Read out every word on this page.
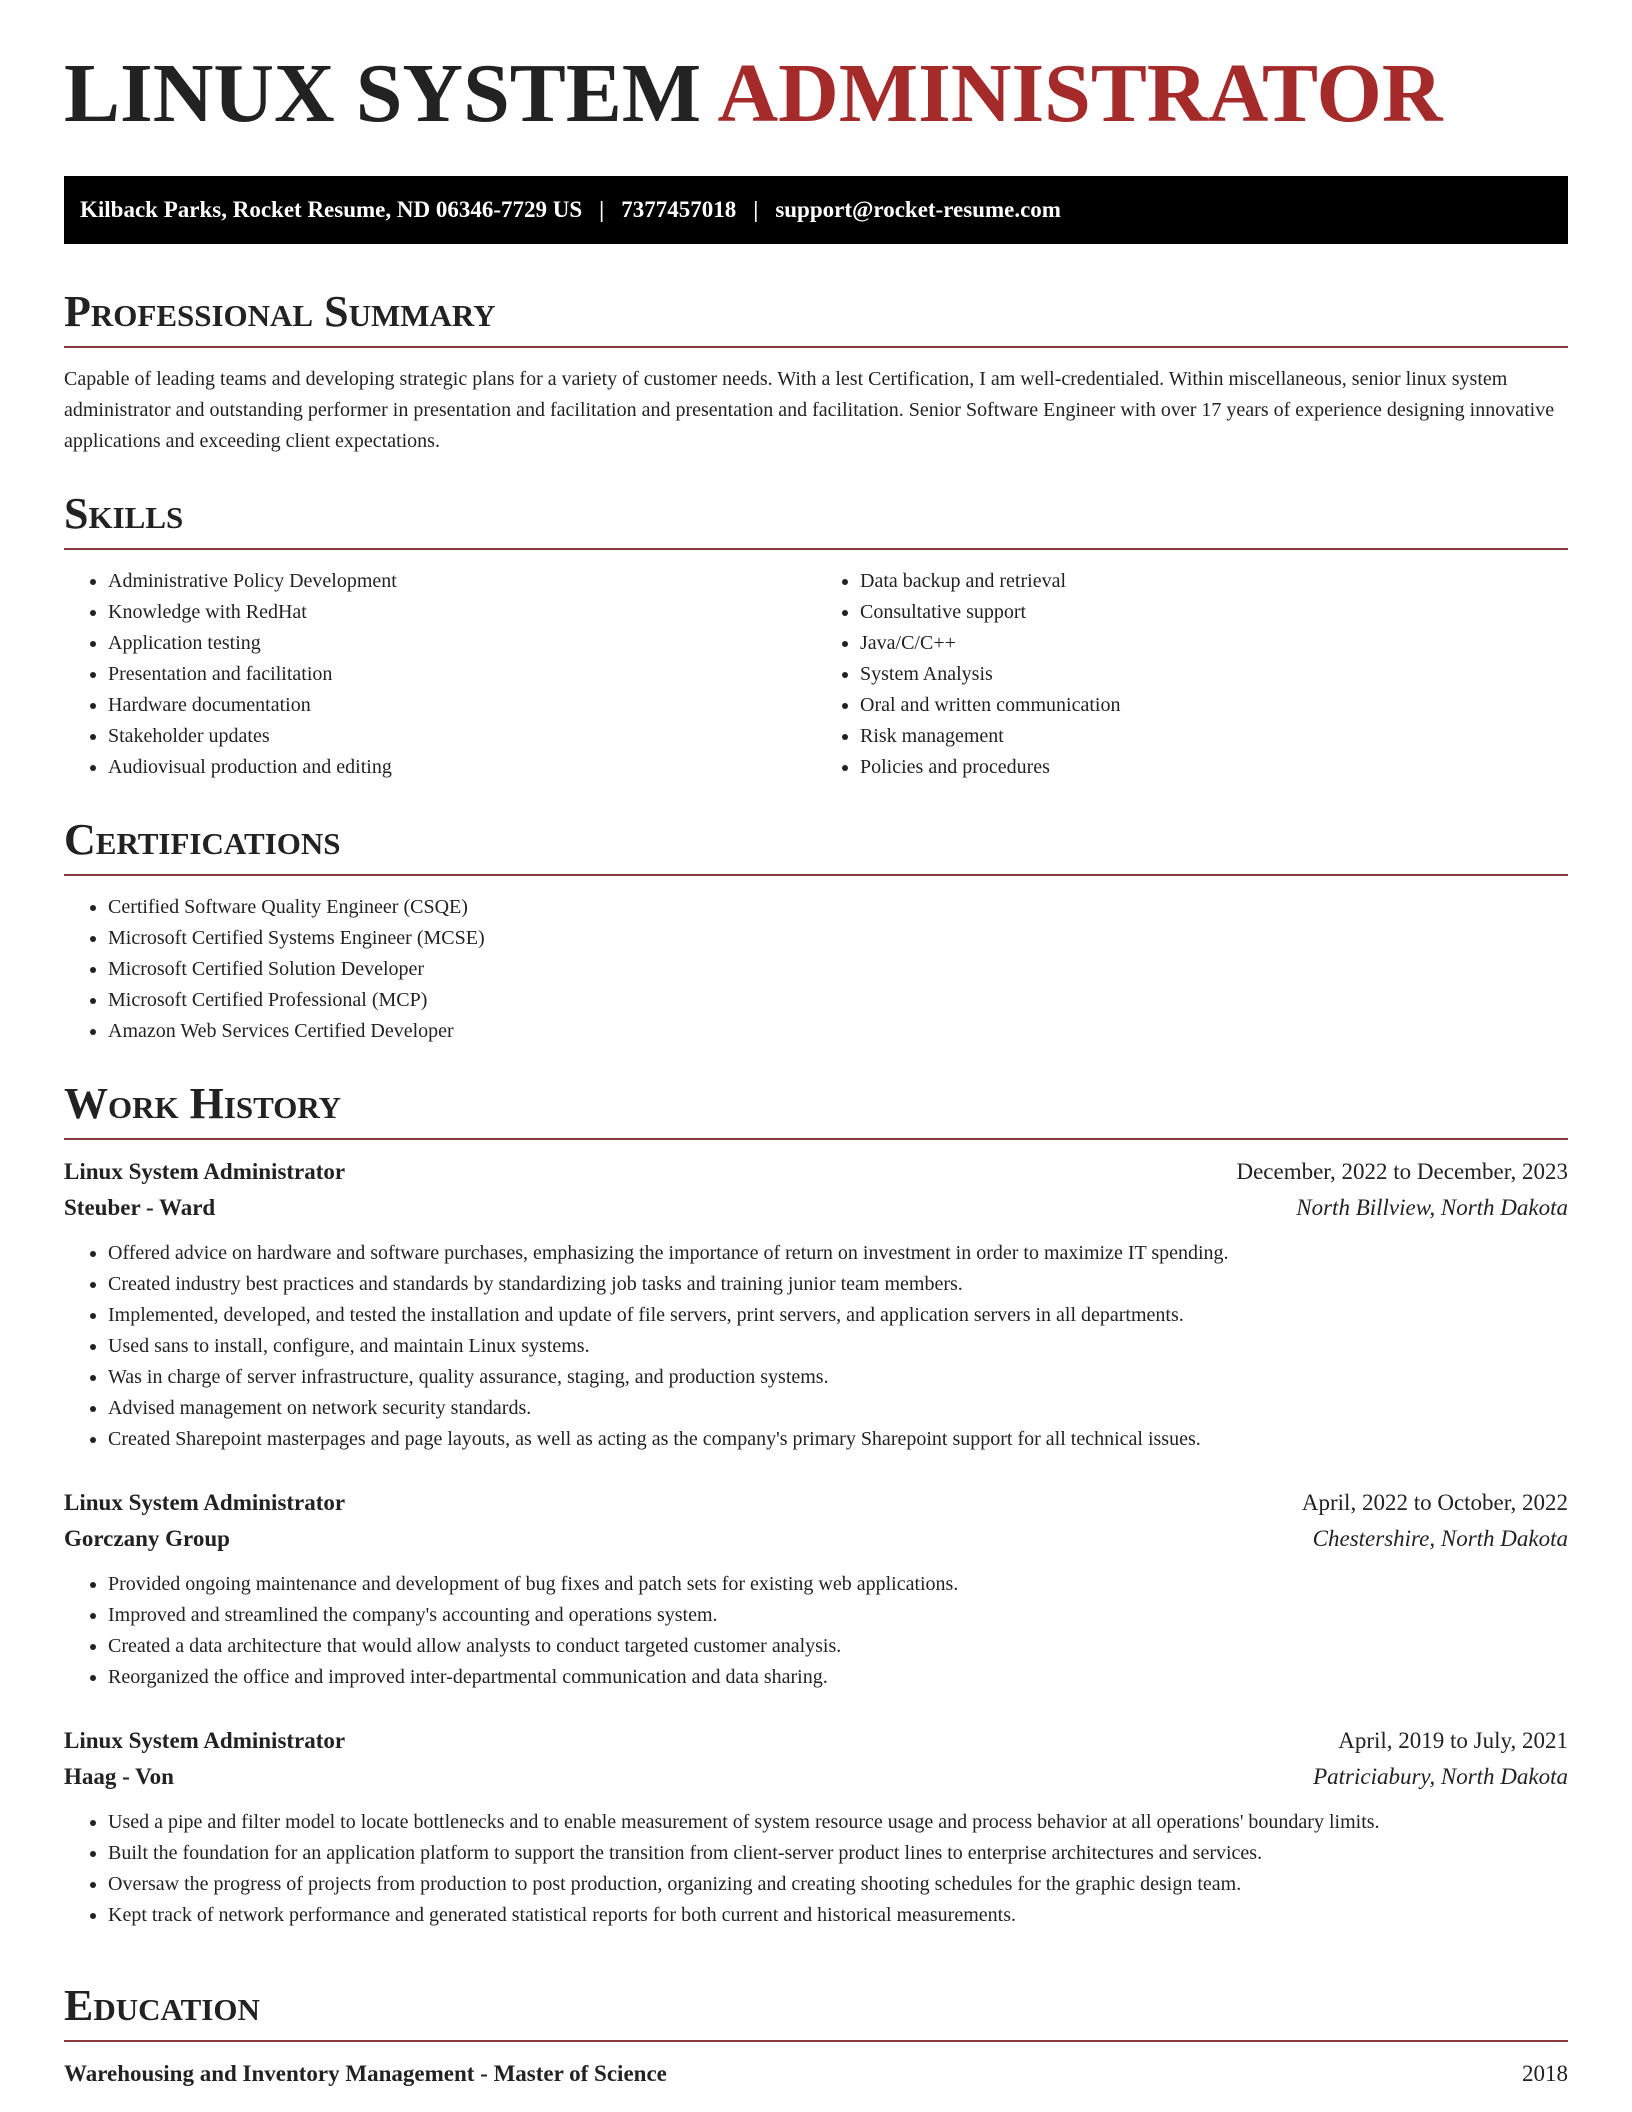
LINUX SYSTEM ADMINISTRATOR
Kilback Parks, Rocket Resume, ND 06346-7729 US | 7377457018 | support@rocket-resume.com
Professional Summary

Capable of leading teams and developing strategic plans for a variety of customer needs. With a lest Certification, I am well-credentialed. Within miscellaneous, senior linux system administrator and outstanding performer in presentation and facilitation and presentation and facilitation. Senior Software Engineer with over 17 years of experience designing innovative applications and exceeding client expectations.

Skills
• Administrative Policy Development
• Knowledge with RedHat
• Application testing
• Presentation and facilitation
• Hardware documentation
• Stakeholder updates
• Audiovisual production and editing
• Data backup and retrieval
• Consultative support
• Java/C/C++
• System Analysis
• Oral and written communication
• Risk management
• Policies and procedures
Certifications
• Certified Software Quality Engineer (CSQE)
• Microsoft Certified Systems Engineer (MCSE)
• Microsoft Certified Solution Developer
• Microsoft Certified Professional (MCP)
• Amazon Web Services Certified Developer
Work History
Linux System Administrator	December, 2022 to December, 2023
Steuber - Ward	North Billview, North Dakota
• Offered advice on hardware and software purchases, emphasizing the importance of return on investment in order to maximize IT spending.
• Created industry best practices and standards by standardizing job tasks and training junior team members.
• Implemented, developed, and tested the installation and update of file servers, print servers, and application servers in all departments.
• Used sans to install, configure, and maintain Linux systems.
• Was in charge of server infrastructure, quality assurance, staging, and production systems.
• Advised management on network security standards.
• Created Sharepoint masterpages and page layouts, as well as acting as the company's primary Sharepoint support for all technical issues.
Linux System Administrator	April, 2022 to October, 2022
Gorczany Group	Chestershire, North Dakota
• Provided ongoing maintenance and development of bug fixes and patch sets for existing web applications.
• Improved and streamlined the company's accounting and operations system.
• Created a data architecture that would allow analysts to conduct targeted customer analysis.
• Reorganized the office and improved inter-departmental communication and data sharing.
Linux System Administrator	April, 2019 to July, 2021
Haag - Von	Patriciabury, North Dakota
• Used a pipe and filter model to locate bottlenecks and to enable measurement of system resource usage and process behavior at all operations' boundary limits.
• Built the foundation for an application platform to support the transition from client-server product lines to enterprise architectures and services.
• Oversaw the progress of projects from production to post production, organizing and creating shooting schedules for the graphic design team.
• Kept track of network performance and generated statistical reports for both current and historical measurements.
Education
Warehousing and Inventory Management - Master of Science	2018
